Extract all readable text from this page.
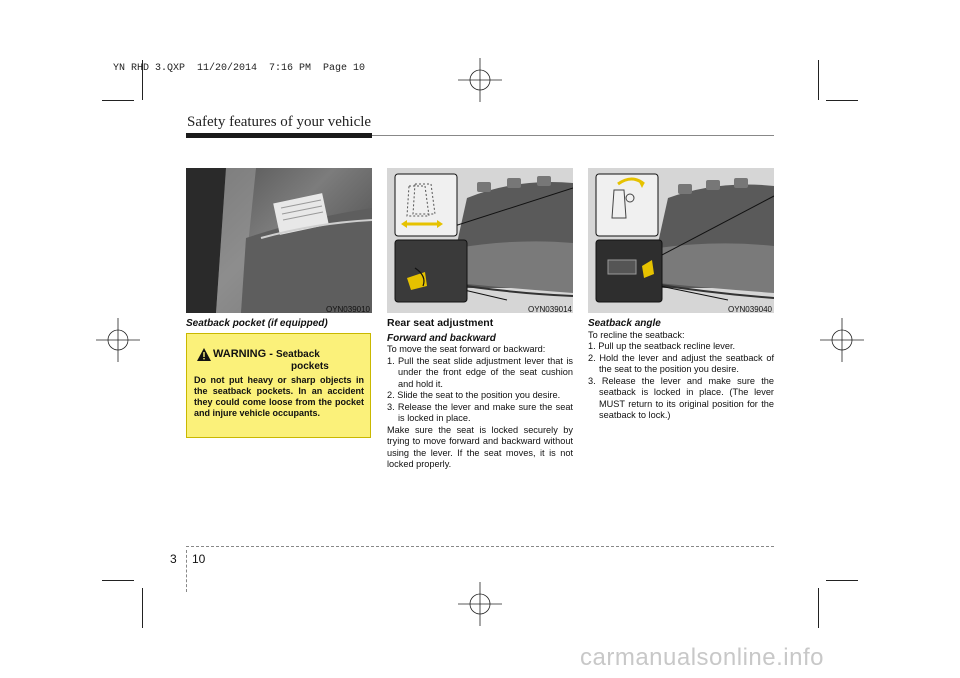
YN RHD 3.QXP  11/20/2014  7:16 PM  Page 10
Safety features of your vehicle
OYN039010
Seatback pocket (if equipped)
WARNING - Seatback
pockets
Do not put heavy or sharp objects in the seatback pockets. In an accident they could come loose from the pocket and injure vehicle occupants.
OYN039014	OYN039040
Rear seat adjustment
Forward and backward

To move the seat forward or backward:

1. Pull the seat slide adjustment lever that is under the front edge of the seat cushion and hold it.
2. Slide the seat to the position you desire.
3. Release the lever and make sure the seat is locked in place.

Make sure the seat is locked securely by trying to move forward and backward without using the lever. If the seat moves, it is not locked properly.

Seatback angle

To recline the seatback:

1. Pull up the seatback recline lever.
2. Hold the lever and adjust the seatback of the seat to the position you desire.
3. Release the lever and make sure the seatback is locked in place. (The lever MUST return to its original position for the seatback to lock.)
3 10
carmanualsonline.info
